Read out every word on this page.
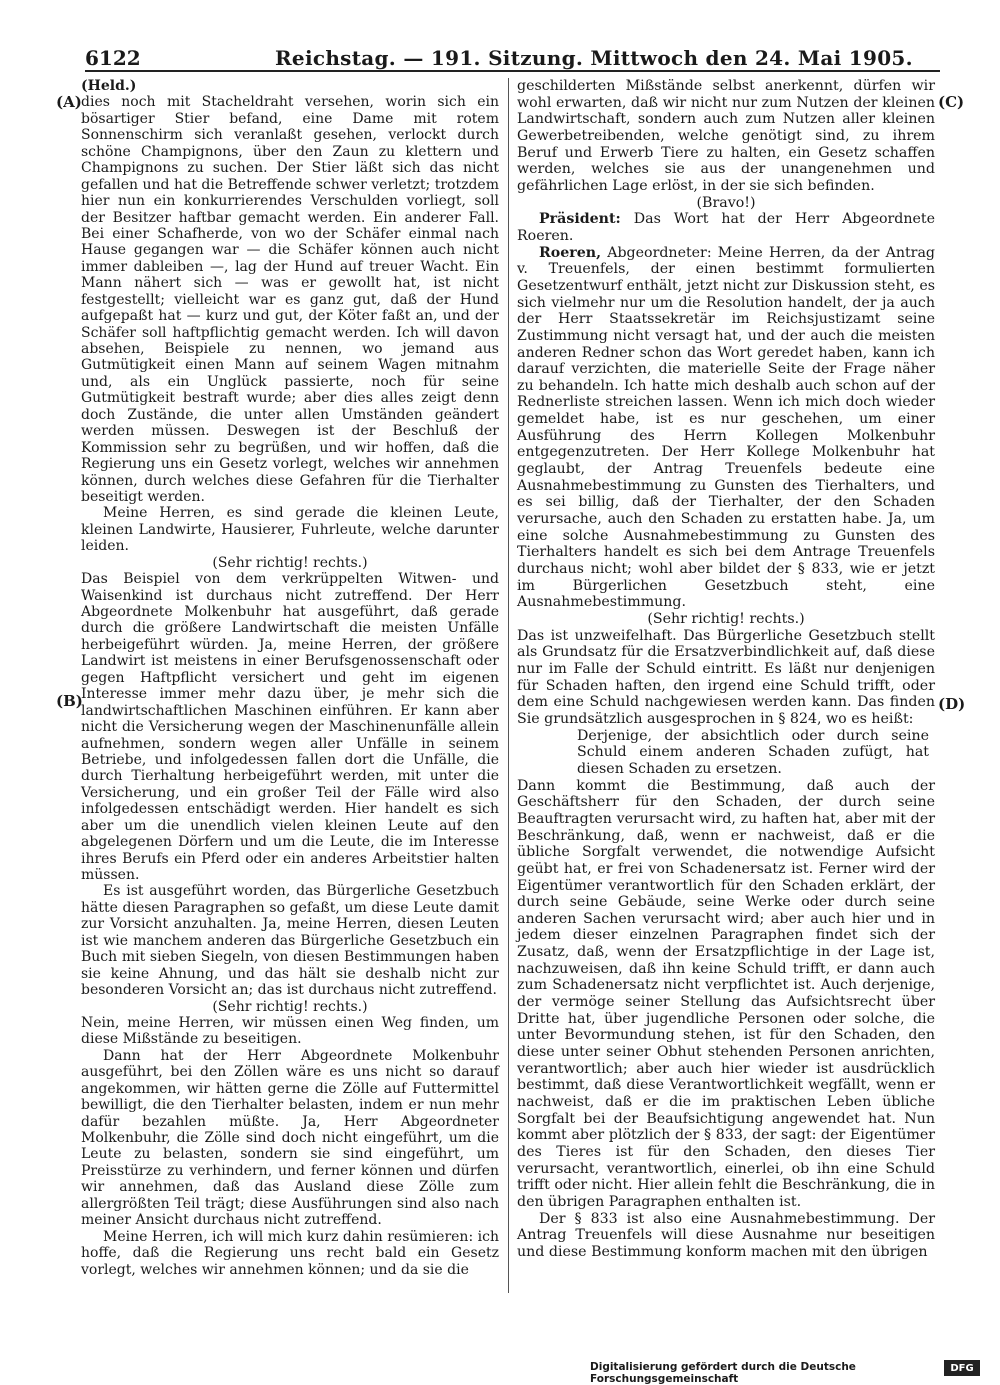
6122	Reichstag. — 191. Sitzung. Mittwoch den 24. Mai 1905.
(A)
(B)
(C)
(D)

(Held.)

dies noch mit Stacheldraht versehen, worin sich ein bösartiger Stier befand, eine Dame mit rotem Sonnenschirm sich veranlaßt gesehen, verlockt durch schöne Champignons, über den Zaun zu klettern und Champignons zu suchen. Der Stier läßt sich das nicht gefallen und hat die Betreffende schwer verletzt; trotzdem hier nun ein konkurrierendes Verschulden vorliegt, soll der Besitzer haftbar gemacht werden. Ein anderer Fall. Bei einer Schafherde, von wo der Schäfer einmal nach Hause gegangen war — die Schäfer können auch nicht immer dableiben —, lag der Hund auf treuer Wacht. Ein Mann nähert sich — was er gewollt hat, ist nicht festgestellt; vielleicht war es ganz gut, daß der Hund aufgepaßt hat — kurz und gut, der Köter faßt an, und der Schäfer soll haftpflichtig gemacht werden. Ich will davon absehen, Beispiele zu nennen, wo jemand aus Gutmütigkeit einen Mann auf seinem Wagen mitnahm und, als ein Unglück passierte, noch für seine Gutmütigkeit bestraft wurde; aber dies alles zeigt denn doch Zustände, die unter allen Umständen geändert werden müssen. Deswegen ist der Beschluß der Kommission sehr zu begrüßen, und wir hoffen, daß die Regierung uns ein Gesetz vorlegt, welches wir annehmen können, durch welches diese Gefahren für die Tierhalter beseitigt werden.

Meine Herren, es sind gerade die kleinen Leute, kleinen Landwirte, Hausierer, Fuhrleute, welche darunter leiden.

(Sehr richtig! rechts.)

Das Beispiel von dem verkrüppelten Witwen- und Waisenkind ist durchaus nicht zutreffend. Der Herr Abgeordnete Molkenbuhr hat ausgeführt, daß gerade durch die größere Landwirtschaft die meisten Unfälle herbeigeführt würden. Ja, meine Herren, der größere Landwirt ist meistens in einer Berufsgenossenschaft oder gegen Haftpflicht versichert und geht im eigenen Interesse immer mehr dazu über, je mehr sich die landwirtschaftlichen Maschinen einführen. Er kann aber nicht die Versicherung wegen der Maschinenunfälle allein aufnehmen, sondern wegen aller Unfälle in seinem Betriebe, und infolgedessen fallen dort die Unfälle, die durch Tierhaltung herbeigeführt werden, mit unter die Versicherung, und ein großer Teil der Fälle wird also infolgedessen entschädigt werden. Hier handelt es sich aber um die unendlich vielen kleinen Leute auf den abgelegenen Dörfern und um die Leute, die im Interesse ihres Berufs ein Pferd oder ein anderes Arbeitstier halten müssen.

Es ist ausgeführt worden, das Bürgerliche Gesetzbuch hätte diesen Paragraphen so gefaßt, um diese Leute damit zur Vorsicht anzuhalten. Ja, meine Herren, diesen Leuten ist wie manchem anderen das Bürgerliche Gesetzbuch ein Buch mit sieben Siegeln, von diesen Bestimmungen haben sie keine Ahnung, und das hält sie deshalb nicht zur besonderen Vorsicht an; das ist durchaus nicht zutreffend.

(Sehr richtig! rechts.)

Nein, meine Herren, wir müssen einen Weg finden, um diese Mißstände zu beseitigen.

Dann hat der Herr Abgeordnete Molkenbuhr ausgeführt, bei den Zöllen wäre es uns nicht so darauf angekommen, wir hätten gerne die Zölle auf Futtermittel bewilligt, die den Tierhalter belasten, indem er nun mehr dafür bezahlen müßte. Ja, Herr Abgeordneter Molkenbuhr, die Zölle sind doch nicht eingeführt, um die Leute zu belasten, sondern sie sind eingeführt, um Preisstürze zu verhindern, und ferner können und dürfen wir annehmen, daß das Ausland diese Zölle zum allergrößten Teil trägt; diese Ausführungen sind also nach meiner Ansicht durchaus nicht zutreffend.

Meine Herren, ich will mich kurz dahin resümieren: ich hoffe, daß die Regierung uns recht bald ein Gesetz vorlegt, welches wir annehmen können; und da sie die

geschilderten Mißstände selbst anerkennt, dürfen wir wohl erwarten, daß wir nicht nur zum Nutzen der kleinen Landwirtschaft, sondern auch zum Nutzen aller kleinen Gewerbetreibenden, welche genötigt sind, zu ihrem Beruf und Erwerb Tiere zu halten, ein Gesetz schaffen werden, welches sie aus der unangenehmen und gefährlichen Lage erlöst, in der sie sich befinden.

(Bravo!)

Präsident: Das Wort hat der Herr Abgeordnete Roeren.

Roeren, Abgeordneter: Meine Herren, da der Antrag v. Treuenfels, der einen bestimmt formulierten Gesetzentwurf enthält, jetzt nicht zur Diskussion steht, es sich vielmehr nur um die Resolution handelt, der ja auch der Herr Staatssekretär im Reichsjustizamt seine Zustimmung nicht versagt hat, und der auch die meisten anderen Redner schon das Wort geredet haben, kann ich darauf verzichten, die materielle Seite der Frage näher zu behandeln. Ich hatte mich deshalb auch schon auf der Rednerliste streichen lassen. Wenn ich mich doch wieder gemeldet habe, ist es nur geschehen, um einer Ausführung des Herrn Kollegen Molkenbuhr entgegenzutreten. Der Herr Kollege Molkenbuhr hat geglaubt, der Antrag Treuenfels bedeute eine Ausnahmebestimmung zu Gunsten des Tierhalters, und es sei billig, daß der Tierhalter, der den Schaden verursache, auch den Schaden zu erstatten habe. Ja, um eine solche Ausnahmebestimmung zu Gunsten des Tierhalters handelt es sich bei dem Antrage Treuenfels durchaus nicht; wohl aber bildet der § 833, wie er jetzt im Bürgerlichen Gesetzbuch steht, eine Ausnahmebestimmung.

(Sehr richtig! rechts.)

Das ist unzweifelhaft. Das Bürgerliche Gesetzbuch stellt als Grundsatz für die Ersatzverbindlichkeit auf, daß diese nur im Falle der Schuld eintritt. Es läßt nur denjenigen für Schaden haften, den irgend eine Schuld trifft, oder dem eine Schuld nachgewiesen werden kann. Das finden Sie grundsätzlich ausgesprochen in § 824, wo es heißt:

Derjenige, der absichtlich oder durch seine Schuld einem anderen Schaden zufügt, hat diesen Schaden zu ersetzen.

Dann kommt die Bestimmung, daß auch der Geschäftsherr für den Schaden, der durch seine Beauftragten verursacht wird, zu haften hat, aber mit der Beschränkung, daß, wenn er nachweist, daß er die übliche Sorgfalt verwendet, die notwendige Aufsicht geübt hat, er frei von Schadenersatz ist. Ferner wird der Eigentümer verantwortlich für den Schaden erklärt, der durch seine Gebäude, seine Werke oder durch seine anderen Sachen verursacht wird; aber auch hier und in jedem dieser einzelnen Paragraphen findet sich der Zusatz, daß, wenn der Ersatzpflichtige in der Lage ist, nachzuweisen, daß ihn keine Schuld trifft, er dann auch zum Schadenersatz nicht verpflichtet ist. Auch derjenige, der vermöge seiner Stellung das Aufsichtsrecht über Dritte hat, über jugendliche Personen oder solche, die unter Bevormundung stehen, ist für den Schaden, den diese unter seiner Obhut stehenden Personen anrichten, verantwortlich; aber auch hier wieder ist ausdrücklich bestimmt, daß diese Verantwortlichkeit wegfällt, wenn er nachweist, daß er die im praktischen Leben übliche Sorgfalt bei der Beaufsichtigung angewendet hat. Nun kommt aber plötzlich der § 833, der sagt: der Eigentümer des Tieres ist für den Schaden, den dieses Tier verursacht, verantwortlich, einerlei, ob ihn eine Schuld trifft oder nicht. Hier allein fehlt die Beschränkung, die in den übrigen Paragraphen enthalten ist.

Der § 833 ist also eine Ausnahmebestimmung. Der Antrag Treuenfels will diese Ausnahme nur beseitigen und diese Bestimmung konform machen mit den übrigen

Digitalisierung gefördert durch die Deutsche Forschungsgemeinschaft
DFG
